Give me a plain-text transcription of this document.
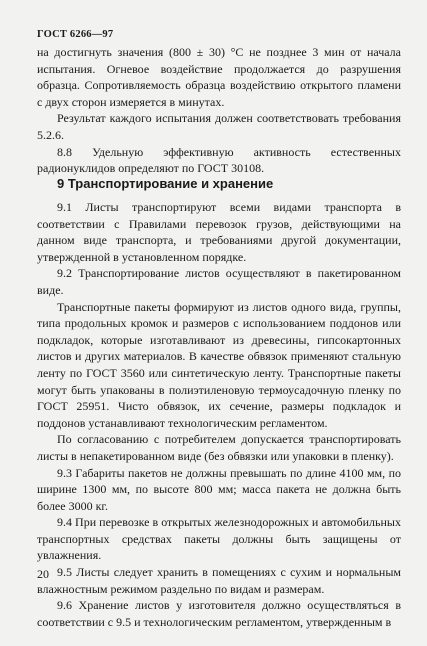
ГОСТ 6266—97

на достигнуть значения (800 ± 30) °С не позднее 3 мин от начала испытания. Огневое воздействие продолжается до разрушения образца. Сопротивляемость образца воздействию открытого пламени с двух сторон измеряется в минутах.

Результат каждого испытания должен соответствовать требования 5.2.6.

8.8 Удельную эффективную активность естественных радионуклидов определяют по ГОСТ 30108.

9 Транспортирование и хранение

9.1 Листы транспортируют всеми видами транспорта в соответствии с Правилами перевозок грузов, действующими на данном виде транспорта, и требованиями другой документации, утвержденной в установленном порядке.

9.2 Транспортирование листов осуществляют в пакетированном виде.

Транспортные пакеты формируют из листов одного вида, группы, типа продольных кромок и размеров с использованием поддонов или подкладок, которые изготавливают из древесины, гипсокартонных листов и других материалов. В качестве обвязок применяют стальную ленту по ГОСТ 3560 или синтетическую ленту. Транспортные пакеты могут быть упакованы в полиэтиленовую термоусадочную пленку по ГОСТ 25951. Чисто обвязок, их сечение, размеры подкладок и поддонов устанавливают технологическим регламентом.

По согласованию с потребителем допускается транспортировать листы в непакетированном виде (без обвязки или упаковки в пленку).

9.3 Габариты пакетов не должны превышать по длине 4100 мм, по ширине 1300 мм, по высоте 800 мм; масса пакета не должна быть более 3000 кг.

9.4 При перевозке в открытых железнодорожных и автомобильных транспортных средствах пакеты должны быть защищены от увлажнения.

9.5 Листы следует хранить в помещениях с сухим и нормальным влажностным режимом раздельно по видам и размерам.

9.6 Хранение листов у изготовителя должно осуществляться в соответствии с 9.5 и технологическим регламентом, утвержденным в

20
